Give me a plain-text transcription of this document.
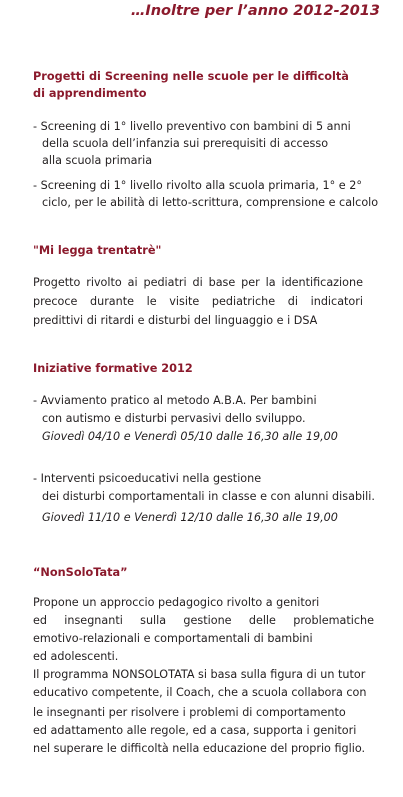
…Inoltre per l’anno 2012-2013
Progetti di Screening nelle scuole per le difficoltà
di apprendimento
- Screening di 1° livello preventivo con bambini di 5 anni
della scuola dell’infanzia sui prerequisiti di accesso
alla scuola primaria
- Screening di 1° livello rivolto alla scuola primaria, 1° e 2°
ciclo, per le abilità di letto-scrittura, comprensione e calcolo
"Mi legga trentatrè"
Progetto rivolto ai pediatri di base per la identificazione
precoce durante le visite pediatriche di indicatori
predittivi di ritardi e disturbi del linguaggio e i DSA
Iniziative formative 2012
- Avviamento pratico al metodo A.B.A. Per bambini
con autismo e disturbi pervasivi dello sviluppo.
Giovedì 04/10 e Venerdì 05/10 dalle 16,30 alle 19,00
- Interventi psicoeducativi nella gestione
dei disturbi comportamentali in classe e con alunni disabili.
Giovedì 11/10 e Venerdì 12/10 dalle 16,30 alle 19,00
“NonSoloTata”
Propone un approccio pedagogico rivolto a genitori
ed insegnanti sulla gestione delle problematiche
emotivo-relazionali e comportamentali di bambini
ed adolescenti.
Il programma NONSOLOTATA si basa sulla figura di un tutor
educativo competente, il Coach, che a scuola collabora con
le insegnanti per risolvere i problemi di comportamento
ed adattamento alle regole, ed a casa, supporta i genitori
nel superare le difficoltà nella educazione del proprio figlio.
